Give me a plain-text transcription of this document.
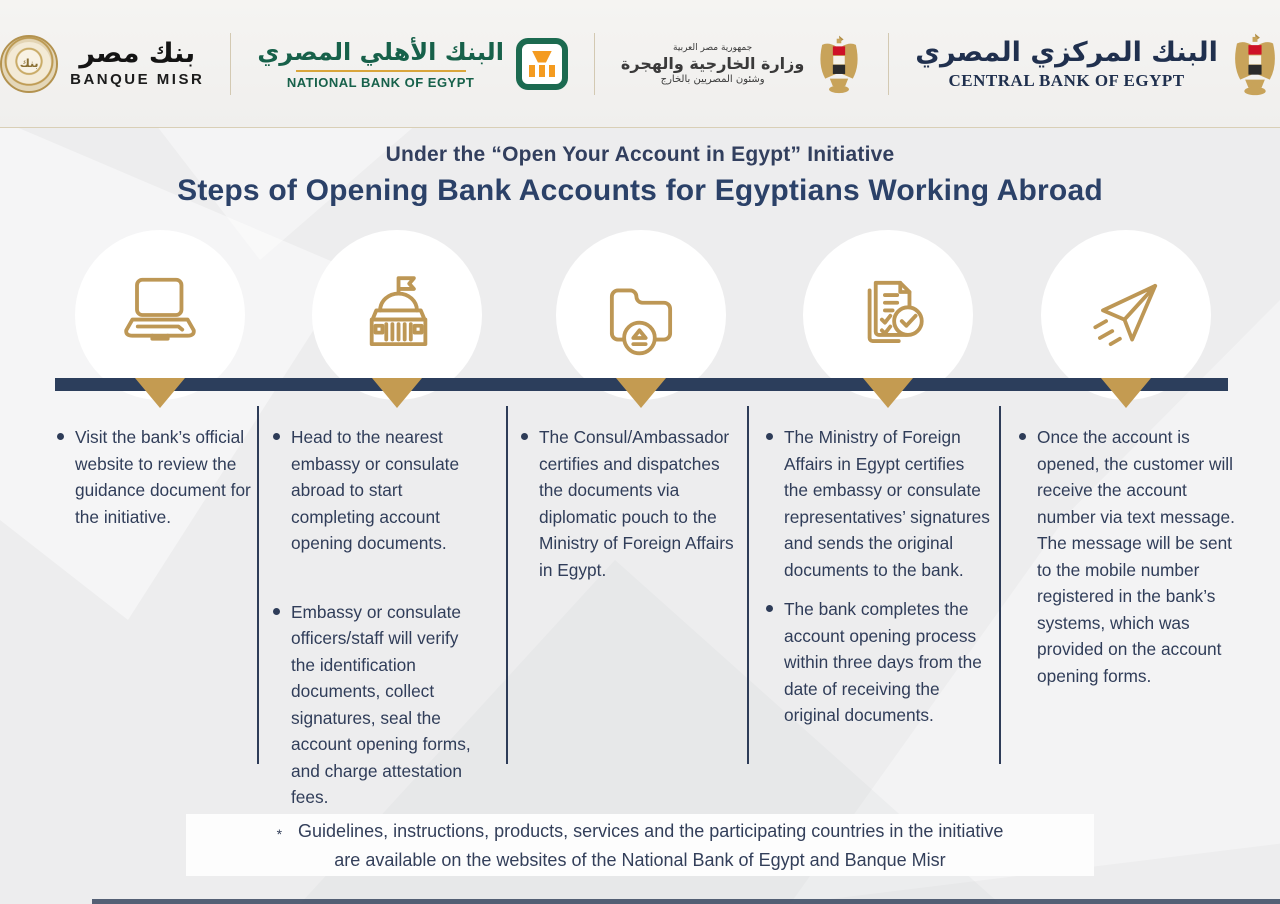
بنك
بنك مصر
BANQUE MISR
البنك الأهلي المصري
NATIONAL BANK OF EGYPT
جمهورية مصر العربية
وزارة الخارجية والهجرة
وشئون المصريين بالخارج
البنك المركزي المصري
CENTRAL BANK OF EGYPT
Under the “Open Your Account in Egypt” Initiative
Steps of Opening Bank Accounts for Egyptians Working Abroad
Visit the bank’s official website to review the guidance document for the initiative.
Head to the nearest embassy or consulate abroad to start completing account opening documents.
Embassy or consulate officers/staff will verify the identification documents, collect signatures, seal the account opening forms, and charge attestation fees.
The Consul/Ambassador certifies and dispatches the documents via diplomatic pouch to the Ministry of Foreign Affairs in Egypt.
The Ministry of Foreign Affairs in Egypt certifies the embassy or consulate representatives’ signatures and sends the original documents to the bank.
The bank completes the account opening process within three days from the date of receiving the original documents.
Once the account is opened, the customer will receive the account number via text message. The message will be sent to the mobile number registered in the bank’s systems, which was provided on the account opening forms.
* Guidelines, instructions, products, services and the participating countries in the initiative
are available on the websites of the National Bank of Egypt and Banque Misr
